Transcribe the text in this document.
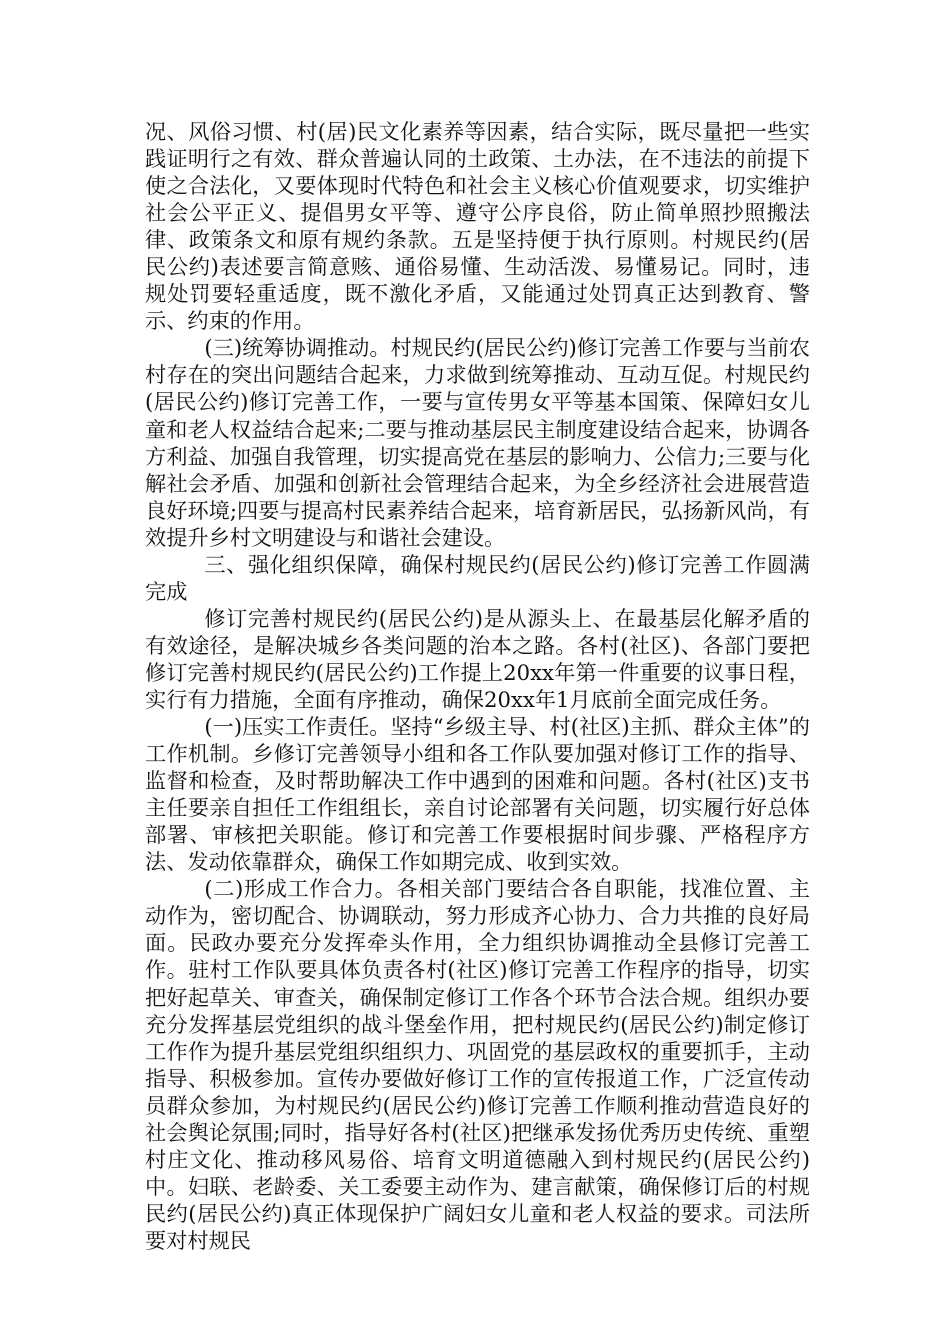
况、风俗习惯、村(居)民文化素养等因素，结合实际，既尽量把一些实践证明行之有效、群众普遍认同的土政策、土办法，在不违法的前提下使之合法化，又要体现时代特色和社会主义核心价值观要求，切实维护社会公平正义、提倡男女平等、遵守公序良俗，防止简单照抄照搬法律、政策条文和原有规约条款。五是坚持便于执行原则。村规民约(居民公约)表述要言简意赅、通俗易懂、生动活泼、易懂易记。同时，违规处罚要轻重适度，既不激化矛盾，又能通过处罚真正达到教育、警示、约束的作用。

(三)统筹协调推动。村规民约(居民公约)修订完善工作要与当前农村存在的突出问题结合起来，力求做到统筹推动、互动互促。村规民约(居民公约)修订完善工作，一要与宣传男女平等基本国策、保障妇女儿童和老人权益结合起来;二要与推动基层民主制度建设结合起来，协调各方利益、加强自我管理，切实提高党在基层的影响力、公信力;三要与化解社会矛盾、加强和创新社会管理结合起来，为全乡经济社会进展营造良好环境;四要与提高村民素养结合起来，培育新居民，弘扬新风尚，有效提升乡村文明建设与和谐社会建设。

三、强化组织保障，确保村规民约(居民公约)修订完善工作圆满完成

修订完善村规民约(居民公约)是从源头上、在最基层化解矛盾的有效途径，是解决城乡各类问题的治本之路。各村(社区)、各部门要把修订完善村规民约(居民公约)工作提上20xx年第一件重要的议事日程，实行有力措施，全面有序推动，确保20xx年1月底前全面完成任务。

(一)压实工作责任。坚持“乡级主导、村(社区)主抓、群众主体”的工作机制。乡修订完善领导小组和各工作队要加强对修订工作的指导、监督和检查，及时帮助解决工作中遇到的困难和问题。各村(社区)支书主任要亲自担任工作组组长，亲自讨论部署有关问题，切实履行好总体部署、审核把关职能。修订和完善工作要根据时间步骤、严格程序方法、发动依靠群众，确保工作如期完成、收到实效。

(二)形成工作合力。各相关部门要结合各自职能，找准位置、主动作为，密切配合、协调联动，努力形成齐心协力、合力共推的良好局面。民政办要充分发挥牵头作用，全力组织协调推动全县修订完善工作。驻村工作队要具体负责各村(社区)修订完善工作程序的指导，切实把好起草关、审查关，确保制定修订工作各个环节合法合规。组织办要充分发挥基层党组织的战斗堡垒作用，把村规民约(居民公约)制定修订工作作为提升基层党组织组织力、巩固党的基层政权的重要抓手，主动指导、积极参加。宣传办要做好修订工作的宣传报道工作，广泛宣传动员群众参加，为村规民约(居民公约)修订完善工作顺利推动营造良好的社会舆论氛围;同时，指导好各村(社区)把继承发扬优秀历史传统、重塑村庄文化、推动移风易俗、培育文明道德融入到村规民约(居民公约)中。妇联、老龄委、关工委要主动作为、建言献策，确保修订后的村规民约(居民公约)真正体现保护广阔妇女儿童和老人权益的要求。司法所要对村规民
